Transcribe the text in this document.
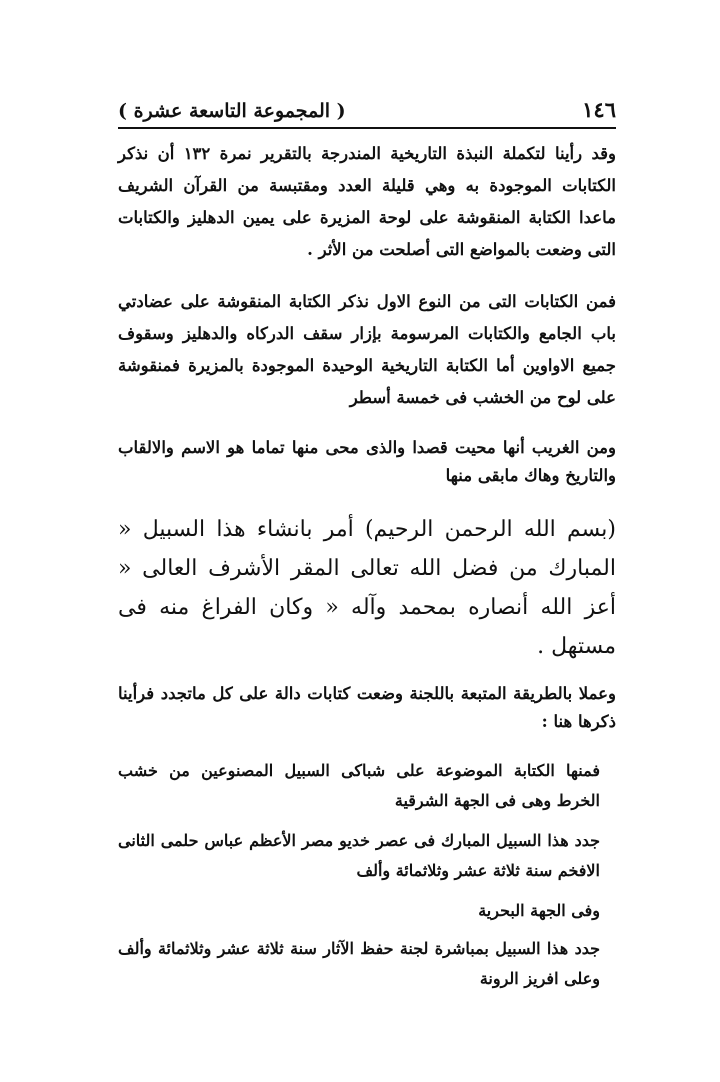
( المجموعة التاسعة عشرة )	١٤٦

وقد رأينا لتكملة النبذة التاريخية المندرجة بالتقرير نمرة ١٣٢ أن نذكر الكتابات الموجودة به وهي قليلة العدد ومقتبسة من القرآن الشريف ماعدا الكتابة المنقوشة على لوحة المزيرة على يمين الدهليز والكتابات التى وضعت بالمواضع التى أصلحت من الأثر .

فمن الكتابات التى من النوع الاول نذكر الكتابة المنقوشة على عضادتي باب الجامع والكتابات المرسومة بإزار سقف الدركاه والدهليز وسقوف جميع الاواوين أما الكتابة التاريخية الوحيدة الموجودة بالمزيرة فمنقوشة على لوح من الخشب فى خمسة أسطر

ومن الغريب أنها محيت قصدا والذى محى منها تماما هو الاسم والالقاب والتاريخ وهاك مابقى منها

(بسم الله الرحمن الرحيم) أمر بانشاء هذا السبيل « المبارك من فضل الله تعالى المقر الأشرف العالى « أعز الله أنصاره بمحمد وآله « وكان الفراغ منه فى مستهل .

وعملا بالطريقة المتبعة باللجنة وضعت كتابات دالة على كل ماتجدد فرأينا ذكرها هنا :

فمنها الكتابة الموضوعة على شباكى السبيل المصنوعين من خشب الخرط وهى فى الجهة الشرقية

جدد هذا السبيل المبارك فى عصر خديو مصر الأعظم عباس حلمى الثانى الافخم سنة ثلاثة عشر وثلاثمائة وألف

وفى الجهة البحرية

جدد هذا السبيل بمباشرة لجنة حفظ الآثار سنة ثلاثة عشر وثلاثمائة وألف وعلى افريز الرونة
